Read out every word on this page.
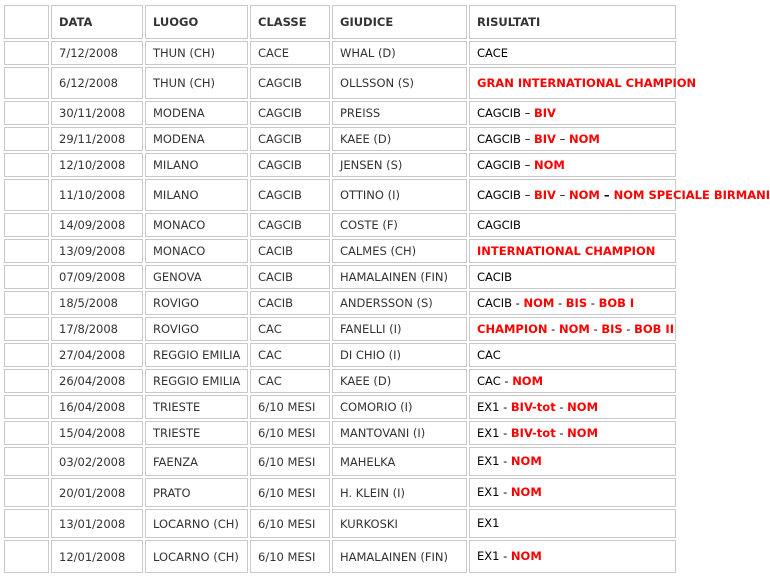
	DATA	LUOGO	CLASSE	GIUDICE	RISULTATI
	7/12/2008	THUN (CH)	CACE	WHAL (D)	CACE
	6/12/2008	THUN (CH)	CAGCIB	OLLSSON (S)	GRAN INTERNATIONAL CHAMPION
	30/11/2008	MODENA	CAGCIB	PREISS	CAGCIB – BIV
	29/11/2008	MODENA	CAGCIB	KAEE (D)	CAGCIB – BIV – NOM
	12/10/2008	MILANO	CAGCIB	JENSEN (S)	CAGCIB – NOM
	11/10/2008	MILANO	CAGCIB	OTTINO (I)	CAGCIB – BIV – NOM – NOM SPECIALE BIRMANI
	14/09/2008	MONACO	CAGCIB	COSTE (F)	CAGCIB
	13/09/2008	MONACO	CACIB	CALMES (CH)	INTERNATIONAL CHAMPION
	07/09/2008	GENOVA	CACIB	HAMALAINEN (FIN)	CACIB
	18/5/2008	ROVIGO	CACIB	ANDERSSON (S)	CACIB - NOM - BIS - BOB I
	17/8/2008	ROVIGO	CAC	FANELLI (I)	CHAMPION - NOM - BIS - BOB II
	27/04/2008	REGGIO EMILIA	CAC	DI CHIO (I)	CAC
	26/04/2008	REGGIO EMILIA	CAC	KAEE (D)	CAC - NOM
	16/04/2008	TRIESTE	6/10 MESI	COMORIO (I)	EX1 - BIV-tot - NOM
	15/04/2008	TRIESTE	6/10 MESI	MANTOVANI (I)	EX1 - BIV-tot - NOM
	03/02/2008	FAENZA	6/10 MESI	MAHELKA	EX1 - NOM
	20/01/2008	PRATO	6/10 MESI	H. KLEIN (I)	EX1 - NOM
	13/01/2008	LOCARNO (CH)	6/10 MESI	KURKOSKI	EX1
	12/01/2008	LOCARNO (CH)	6/10 MESI	HAMALAINEN (FIN)	EX1 - NOM
